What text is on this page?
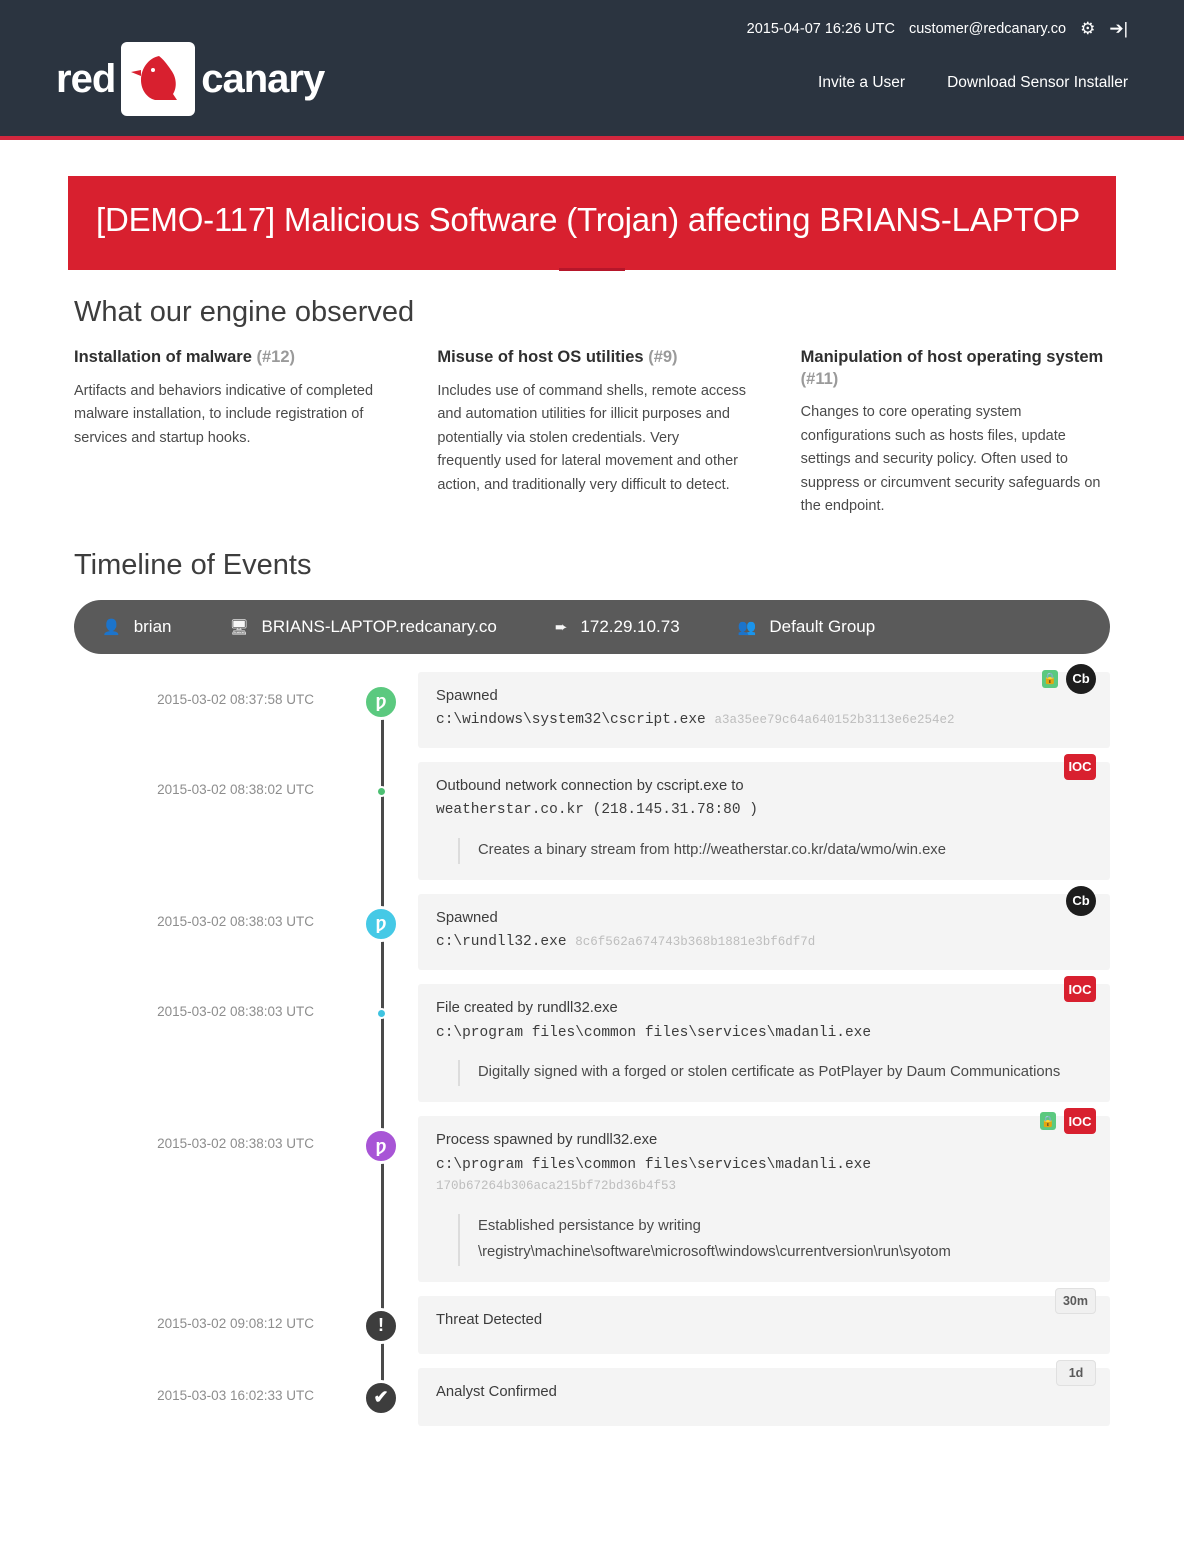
red canary
2015-04-07 16:26 UTC customer@redcanary.co ⚙ ➔|
Invite a User	Download Sensor Installer
[DEMO-117] Malicious Software (Trojan) affecting BRIANS-LAPTOP
What our engine observed
Installation of malware (#12)

Artifacts and behaviors indicative of completed malware installation, to include registration of services and startup hooks.

Misuse of host OS utilities (#9)

Includes use of command shells, remote access and automation utilities for illicit purposes and potentially via stolen credentials. Very frequently used for lateral movement and other action, and traditionally very difficult to detect.

Manipulation of host operating system (#11)

Changes to core operating system configurations such as hosts files, update settings and security policy. Often used to suppress or circumvent security safeguards on the endpoint.

Timeline of Events
👤 brian	🖥 BRIANS-LAPTOP.redcanary.co	➨ 172.29.10.73	👥 Default Group
2015-03-02 08:37:58 UTC	ƿ
🔒	Cb
Spawned
c:\windows\system32\cscript.exe a3a35ee79c64a640152b3113e6e254e2
2015-03-02 08:38:02 UTC
IOC
Outbound network connection by cscript.exe to
weatherstar.co.kr (218.145.31.78:80 )
Creates a binary stream from http://weatherstar.co.kr/data/wmo/win.exe
2015-03-02 08:38:03 UTC	ƿ
Cb
Spawned
c:\rundll32.exe 8c6f562a674743b368b1881e3bf6df7d
2015-03-02 08:38:03 UTC
IOC
File created by rundll32.exe
c:\program files\common files\services\madanli.exe
Digitally signed with a forged or stolen certificate as PotPlayer by Daum Communications
2015-03-02 08:38:03 UTC	ƿ
🔒	IOC
Process spawned by rundll32.exe
c:\program files\common files\services\madanli.exe 170b67264b306aca215bf72bd36b4f53
Established persistance by writing \registry\machine\software\microsoft\windows\currentversion\run\syotom
2015-03-02 09:08:12 UTC	!
30m
Threat Detected
2015-03-03 16:02:33 UTC	✔
1d
Analyst Confirmed
